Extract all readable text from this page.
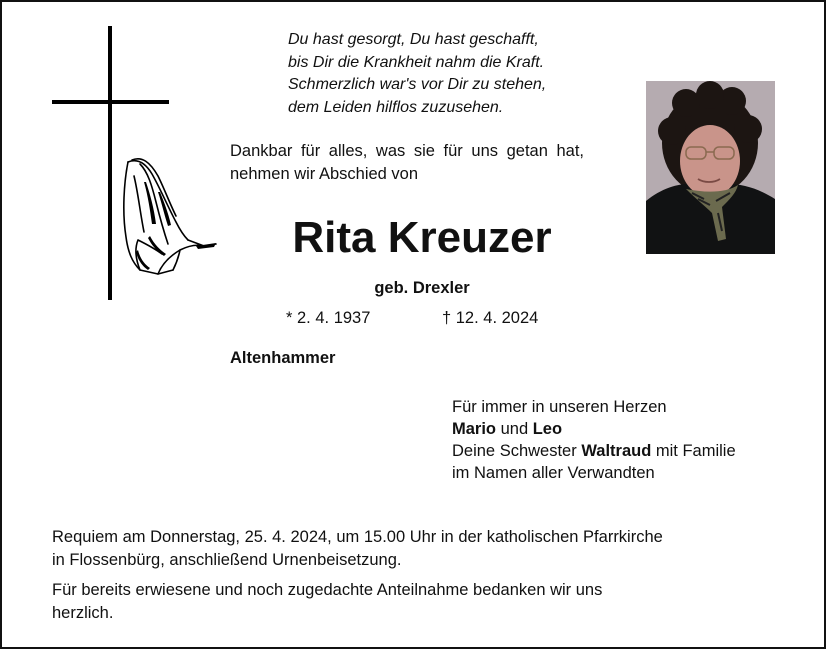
Du hast gesorgt, Du hast geschafft,
bis Dir die Krankheit nahm die Kraft.
Schmerzlich war's vor Dir zu stehen,
dem Leiden hilflos zuzusehen.
Dankbar für alles, was sie für uns getan hat, nehmen wir Abschied von
Rita Kreuzer
geb. Drexler
* 2. 4. 1937	† 12. 4. 2024
Altenhammer
Für immer in unseren Herzen
Mario und Leo
Deine Schwester Waltraud mit Familie
im Namen aller Verwandten
Requiem am Donnerstag, 25. 4. 2024, um 15.00 Uhr in der katholischen Pfarrkirche
in Flossenbürg, anschließend Urnenbeisetzung.
Für bereits erwiesene und noch zugedachte Anteilnahme bedanken wir uns
herzlich.
